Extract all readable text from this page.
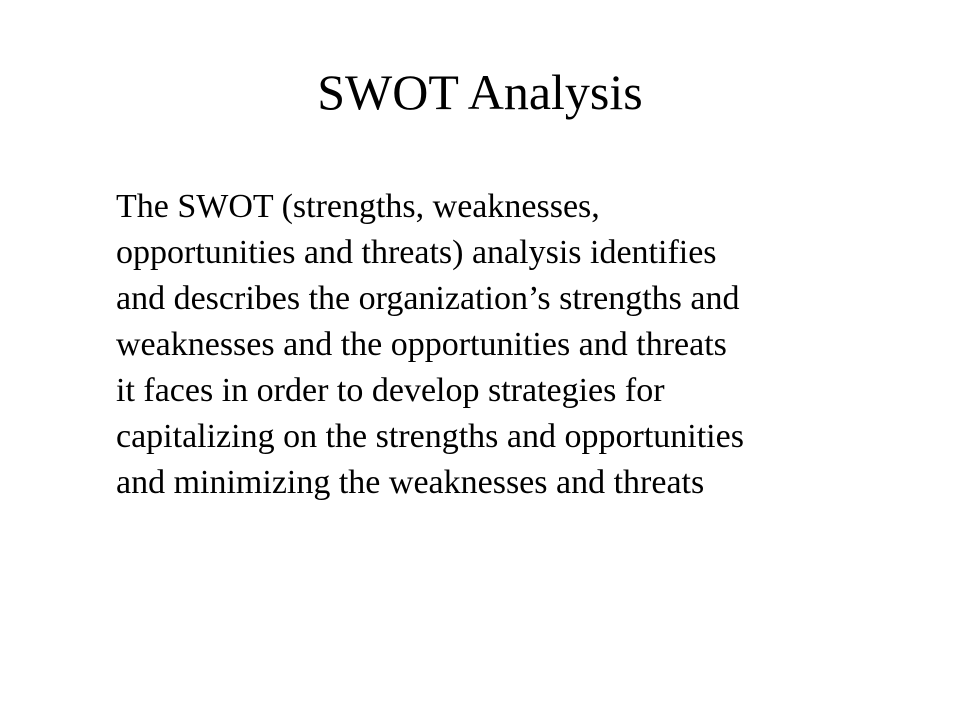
SWOT Analysis
The SWOT (strengths, weaknesses,
opportunities and threats) analysis identifies
and describes the organization’s strengths and
weaknesses and the opportunities and threats
it faces in order to develop strategies for
capitalizing on the strengths and opportunities
and minimizing the weaknesses and threats
